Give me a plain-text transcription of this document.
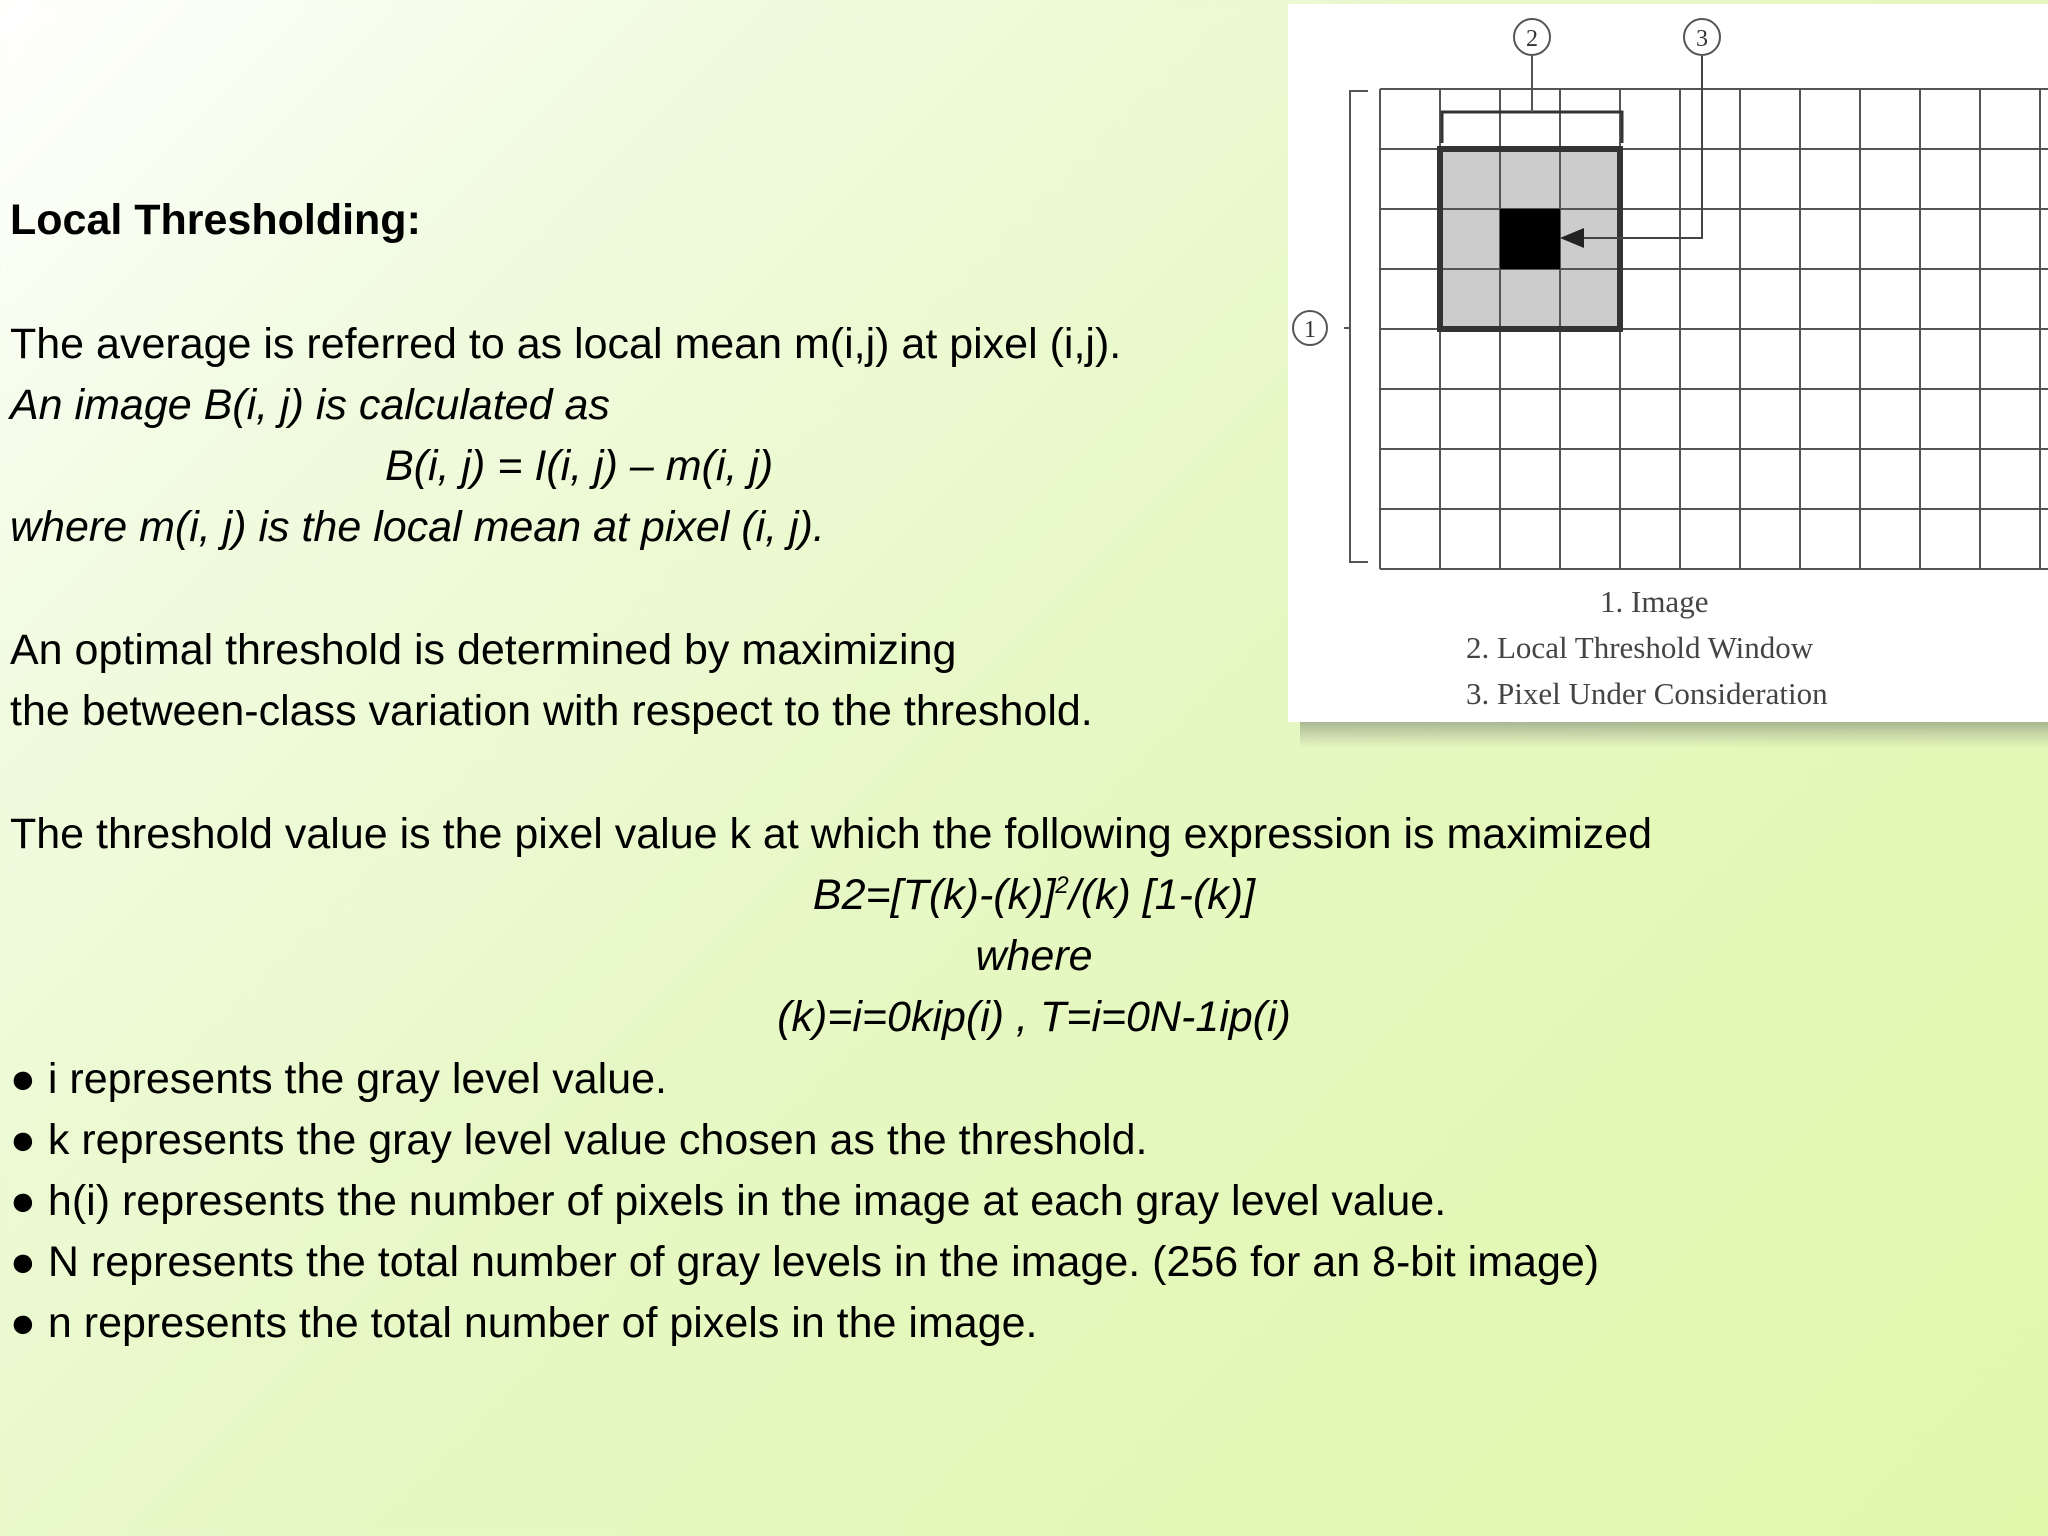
Local Thresholding:

The average is referred to as local mean m(i,j) at pixel (i,j).

An image B(i, j) is calculated as

B(i, j) = I(i, j) – m(i, j)

where m(i, j) is the local mean at pixel (i, j).

An optimal threshold is determined by maximizing

the between-class variation with respect to the threshold.

The threshold value is the pixel value k at which the following expression is maximized

$B2=[T(k)-(k)]^2/(k)$ [1-(k)]

where

(k)=i=0kip(i) , T=i=0N-1ip(i)

● i represents the gray level value.

● k represents the gray level value chosen as the threshold.

● h(i) represents the number of pixels in the image at each gray level value.

● N represents the total number of gray levels in the image. (256 for an 8-bit image)

● n represents the total number of pixels in the image.

1
2	3
1. Image
2. Local Threshold Window
3. Pixel Under Consideration
